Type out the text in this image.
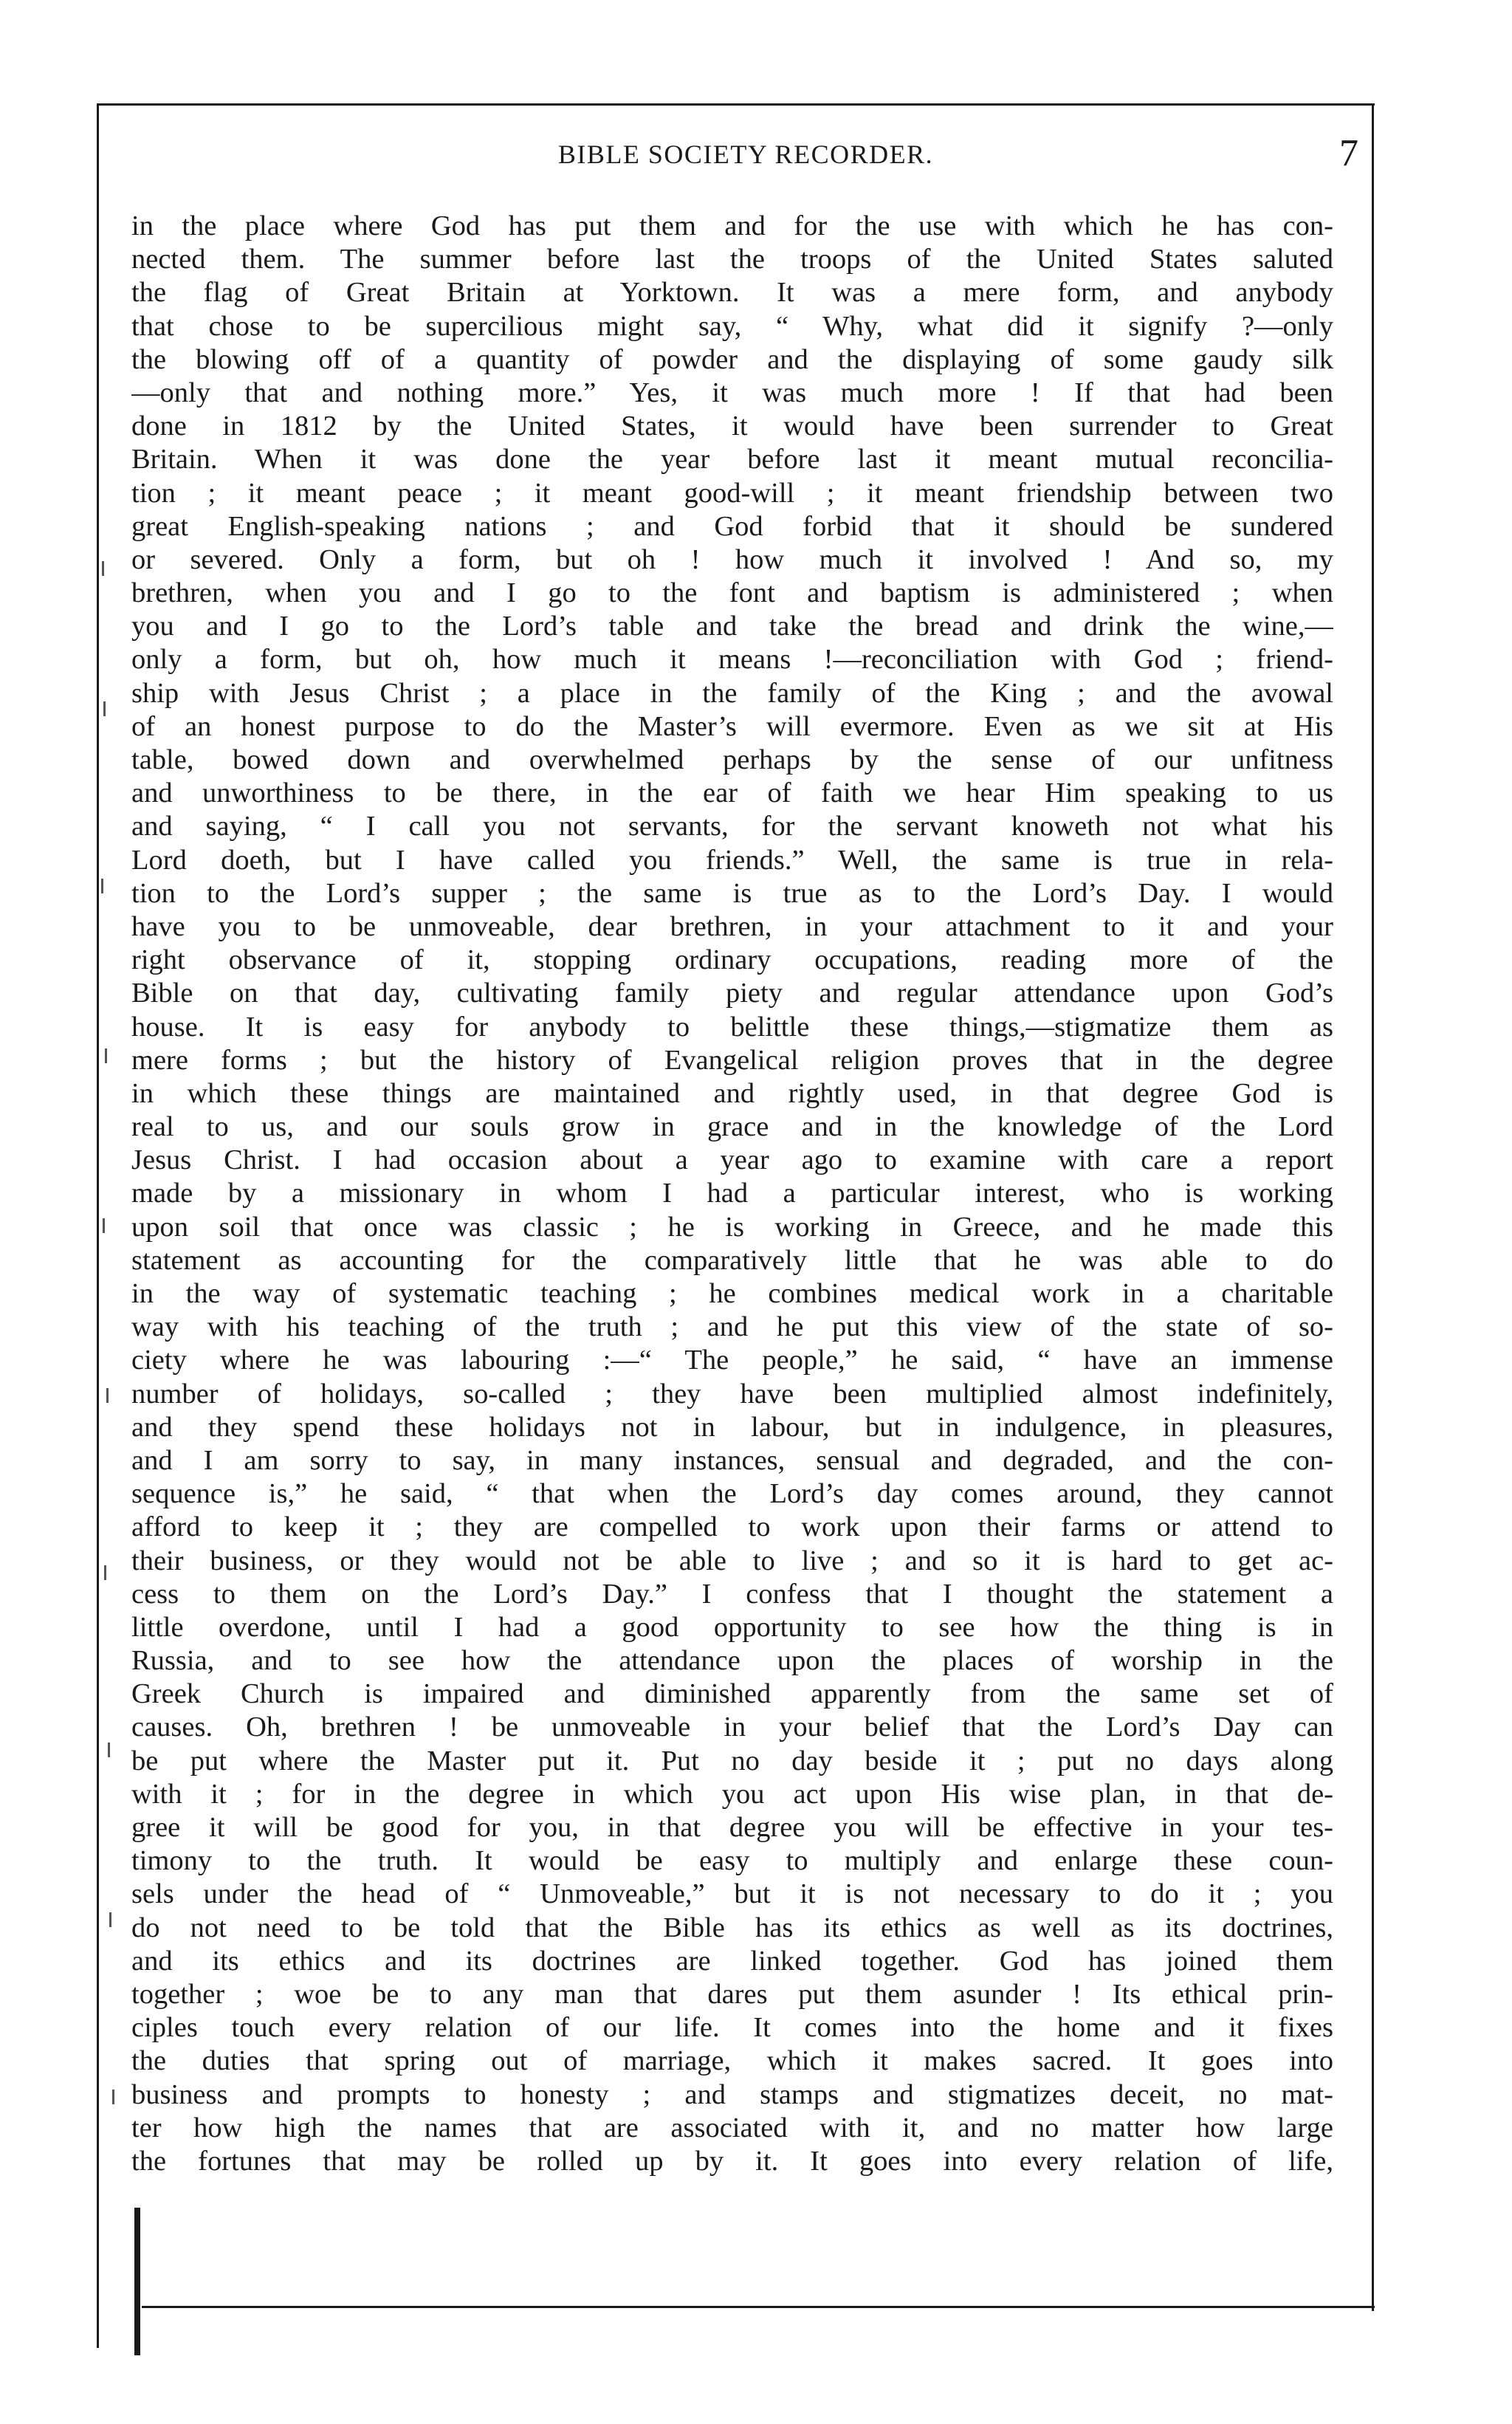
BIBLE SOCIETY RECORDER.	7
in the place where God has put them and for the use with which he has con-
nected them. The summer before last the troops of the United States saluted
the flag of Great Britain at Yorktown. It was a mere form, and anybody
that chose to be supercilious might say, “ Why, what did it signify ?—only
the blowing off of a quantity of powder and the displaying of some gaudy silk
—only that and nothing more.” Yes, it was much more ! If that had been
done in 1812 by the United States, it would have been surrender to Great
Britain. When it was done the year before last it meant mutual reconcilia-
tion ; it meant peace ; it meant good-will ; it meant friendship between two
great English-speaking nations ; and God forbid that it should be sundered
or severed. Only a form, but oh ! how much it involved ! And so, my
brethren, when you and I go to the font and baptism is administered ; when
you and I go to the Lord’s table and take the bread and drink the wine,—
only a form, but oh, how much it means !—reconciliation with God ; friend-
ship with Jesus Christ ; a place in the family of the King ; and the avowal
of an honest purpose to do the Master’s will evermore. Even as we sit at His
table, bowed down and overwhelmed perhaps by the sense of our unfitness
and unworthiness to be there, in the ear of faith we hear Him speaking to us
and saying, “ I call you not servants, for the servant knoweth not what his
Lord doeth, but I have called you friends.” Well, the same is true in rela-
tion to the Lord’s supper ; the same is true as to the Lord’s Day. I would
have you to be unmoveable, dear brethren, in your attachment to it and your
right observance of it, stopping ordinary occupations, reading more of the
Bible on that day, cultivating family piety and regular attendance upon God’s
house. It is easy for anybody to belittle these things,—stigmatize them as
mere forms ; but the history of Evangelical religion proves that in the degree
in which these things are maintained and rightly used, in that degree God is
real to us, and our souls grow in grace and in the knowledge of the Lord
Jesus Christ. I had occasion about a year ago to examine with care a report
made by a missionary in whom I had a particular interest, who is working
upon soil that once was classic ; he is working in Greece, and he made this
statement as accounting for the comparatively little that he was able to do
in the way of systematic teaching ; he combines medical work in a charitable
way with his teaching of the truth ; and he put this view of the state of so-
ciety where he was labouring :—“ The people,” he said, “ have an immense
number of holidays, so-called ; they have been multiplied almost indefinitely,
and they spend these holidays not in labour, but in indulgence, in pleasures,
and I am sorry to say, in many instances, sensual and degraded, and the con-
sequence is,” he said, “ that when the Lord’s day comes around, they cannot
afford to keep it ; they are compelled to work upon their farms or attend to
their business, or they would not be able to live ; and so it is hard to get ac-
cess to them on the Lord’s Day.” I confess that I thought the statement a
little overdone, until I had a good opportunity to see how the thing is in
Russia, and to see how the attendance upon the places of worship in the
Greek Church is impaired and diminished apparently from the same set of
causes. Oh, brethren ! be unmoveable in your belief that the Lord’s Day can
be put where the Master put it. Put no day beside it ; put no days along
with it ; for in the degree in which you act upon His wise plan, in that de-
gree it will be good for you, in that degree you will be effective in your tes-
timony to the truth. It would be easy to multiply and enlarge these coun-
sels under the head of “ Unmoveable,” but it is not necessary to do it ; you
do not need to be told that the Bible has its ethics as well as its doctrines,
and its ethics and its doctrines are linked together. God has joined them
together ; woe be to any man that dares put them asunder ! Its ethical prin-
ciples touch every relation of our life. It comes into the home and it fixes
the duties that spring out of marriage, which it makes sacred. It goes into
business and prompts to honesty ; and stamps and stigmatizes deceit, no mat-
ter how high the names that are associated with it, and no matter how large
the fortunes that may be rolled up by it. It goes into every relation of life,
